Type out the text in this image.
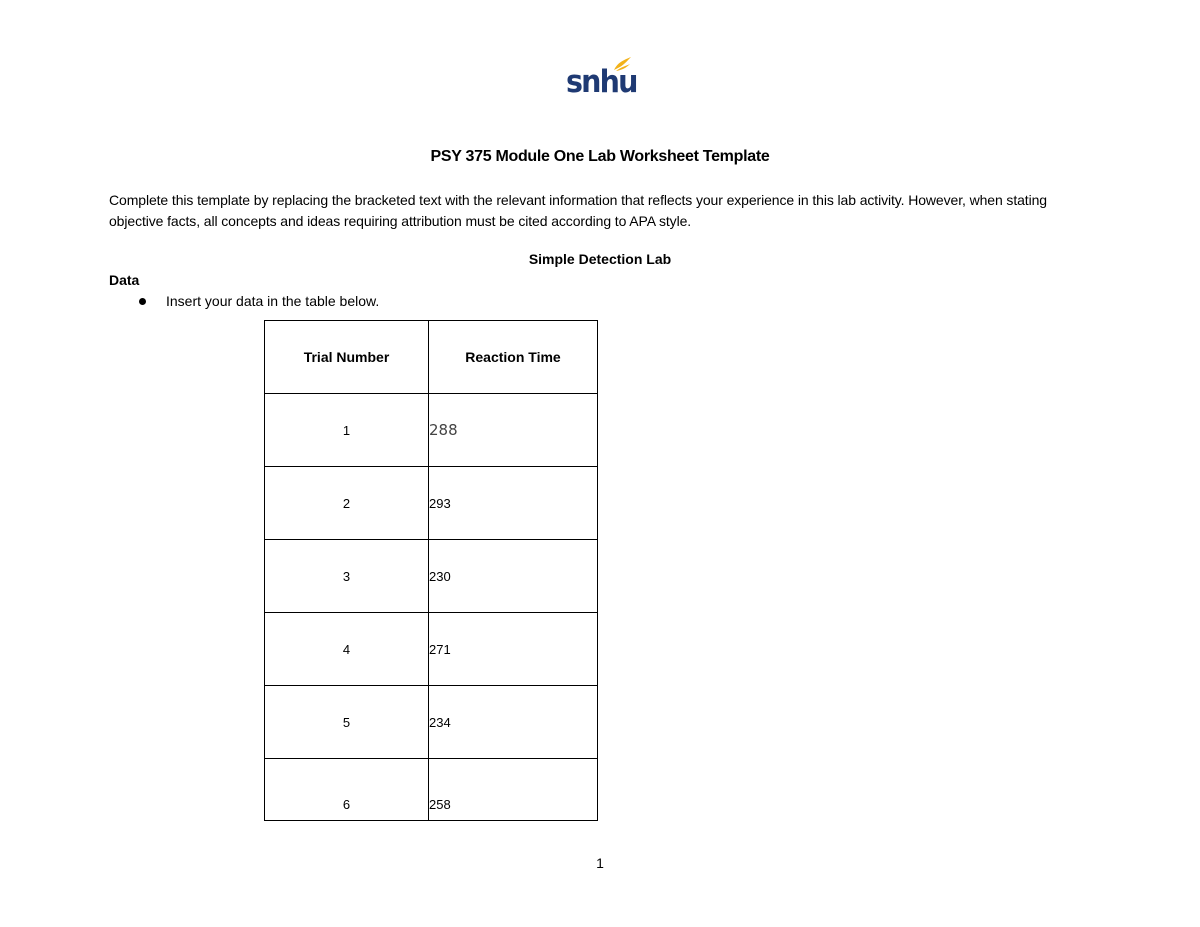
snhu
PSY 375 Module One Lab Worksheet Template
Complete this template by replacing the bracketed text with the relevant information that reflects your experience in this lab activity. However, when stating objective facts, all concepts and ideas requiring attribution must be cited according to APA style.
Simple Detection Lab
Data
Insert your data in the table below.
Trial Number	Reaction Time
1	288
2	293
3	230
4	271
5	234
6	258
1
